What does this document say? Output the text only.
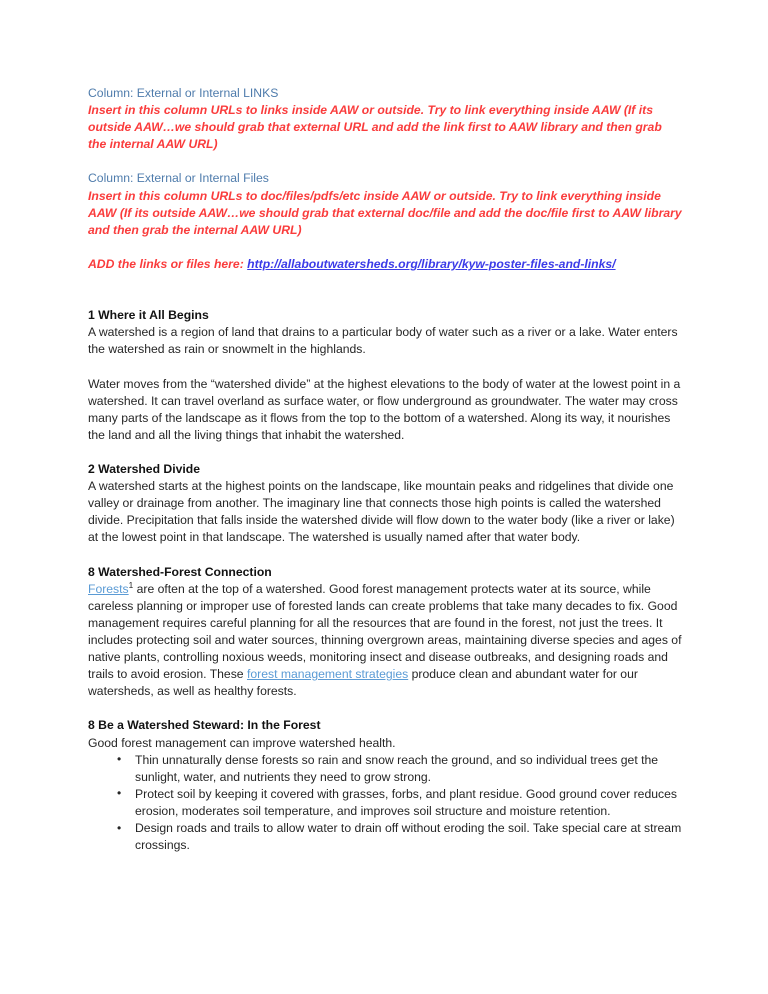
Column: External or Internal LINKS

Insert in this column URLs to links inside AAW or outside. Try to link everything inside AAW (If its outside AAW…we should grab that external URL and add the link first to AAW library and then grab the internal AAW URL)

Column: External or Internal Files

Insert in this column URLs to doc/files/pdfs/etc inside AAW or outside. Try to link everything inside AAW (If its outside AAW…we should grab that external doc/file and add the doc/file first to AAW library and then grab the internal AAW URL)

ADD the links or files here: http://allaboutwatersheds.org/library/kyw-poster-files-and-links/

1 Where it All Begins

A watershed is a region of land that drains to a particular body of water such as a river or a lake. Water enters the watershed as rain or snowmelt in the highlands.

Water moves from the “watershed divide” at the highest elevations to the body of water at the lowest point in a watershed. It can travel overland as surface water, or flow underground as groundwater. The water may cross many parts of the landscape as it flows from the top to the bottom of a watershed. Along its way, it nourishes the land and all the living things that inhabit the watershed.

2 Watershed Divide

A watershed starts at the highest points on the landscape, like mountain peaks and ridgelines that divide one valley or drainage from another. The imaginary line that connects those high points is called the watershed divide. Precipitation that falls inside the watershed divide will flow down to the water body (like a river or lake) at the lowest point in that landscape. The watershed is usually named after that water body.

8 Watershed-Forest Connection

Forests$^1$ are often at the top of a watershed. Good forest management protects water at its source, while careless planning or improper use of forested lands can create problems that take many decades to fix. Good management requires careful planning for all the resources that are found in the forest, not just the trees. It includes protecting soil and water sources, thinning overgrown areas, maintaining diverse species and ages of native plants, controlling noxious weeds, monitoring insect and disease outbreaks, and designing roads and trails to avoid erosion. These forest management strategies produce clean and abundant water for our watersheds, as well as healthy forests.

8 Be a Watershed Steward: In the Forest

Good forest management can improve watershed health.

• Thin unnaturally dense forests so rain and snow reach the ground, and so individual trees get the sunlight, water, and nutrients they need to grow strong.
• Protect soil by keeping it covered with grasses, forbs, and plant residue. Good ground cover reduces erosion, moderates soil temperature, and improves soil structure and moisture retention.
• Design roads and trails to allow water to drain off without eroding the soil. Take special care at stream crossings.
